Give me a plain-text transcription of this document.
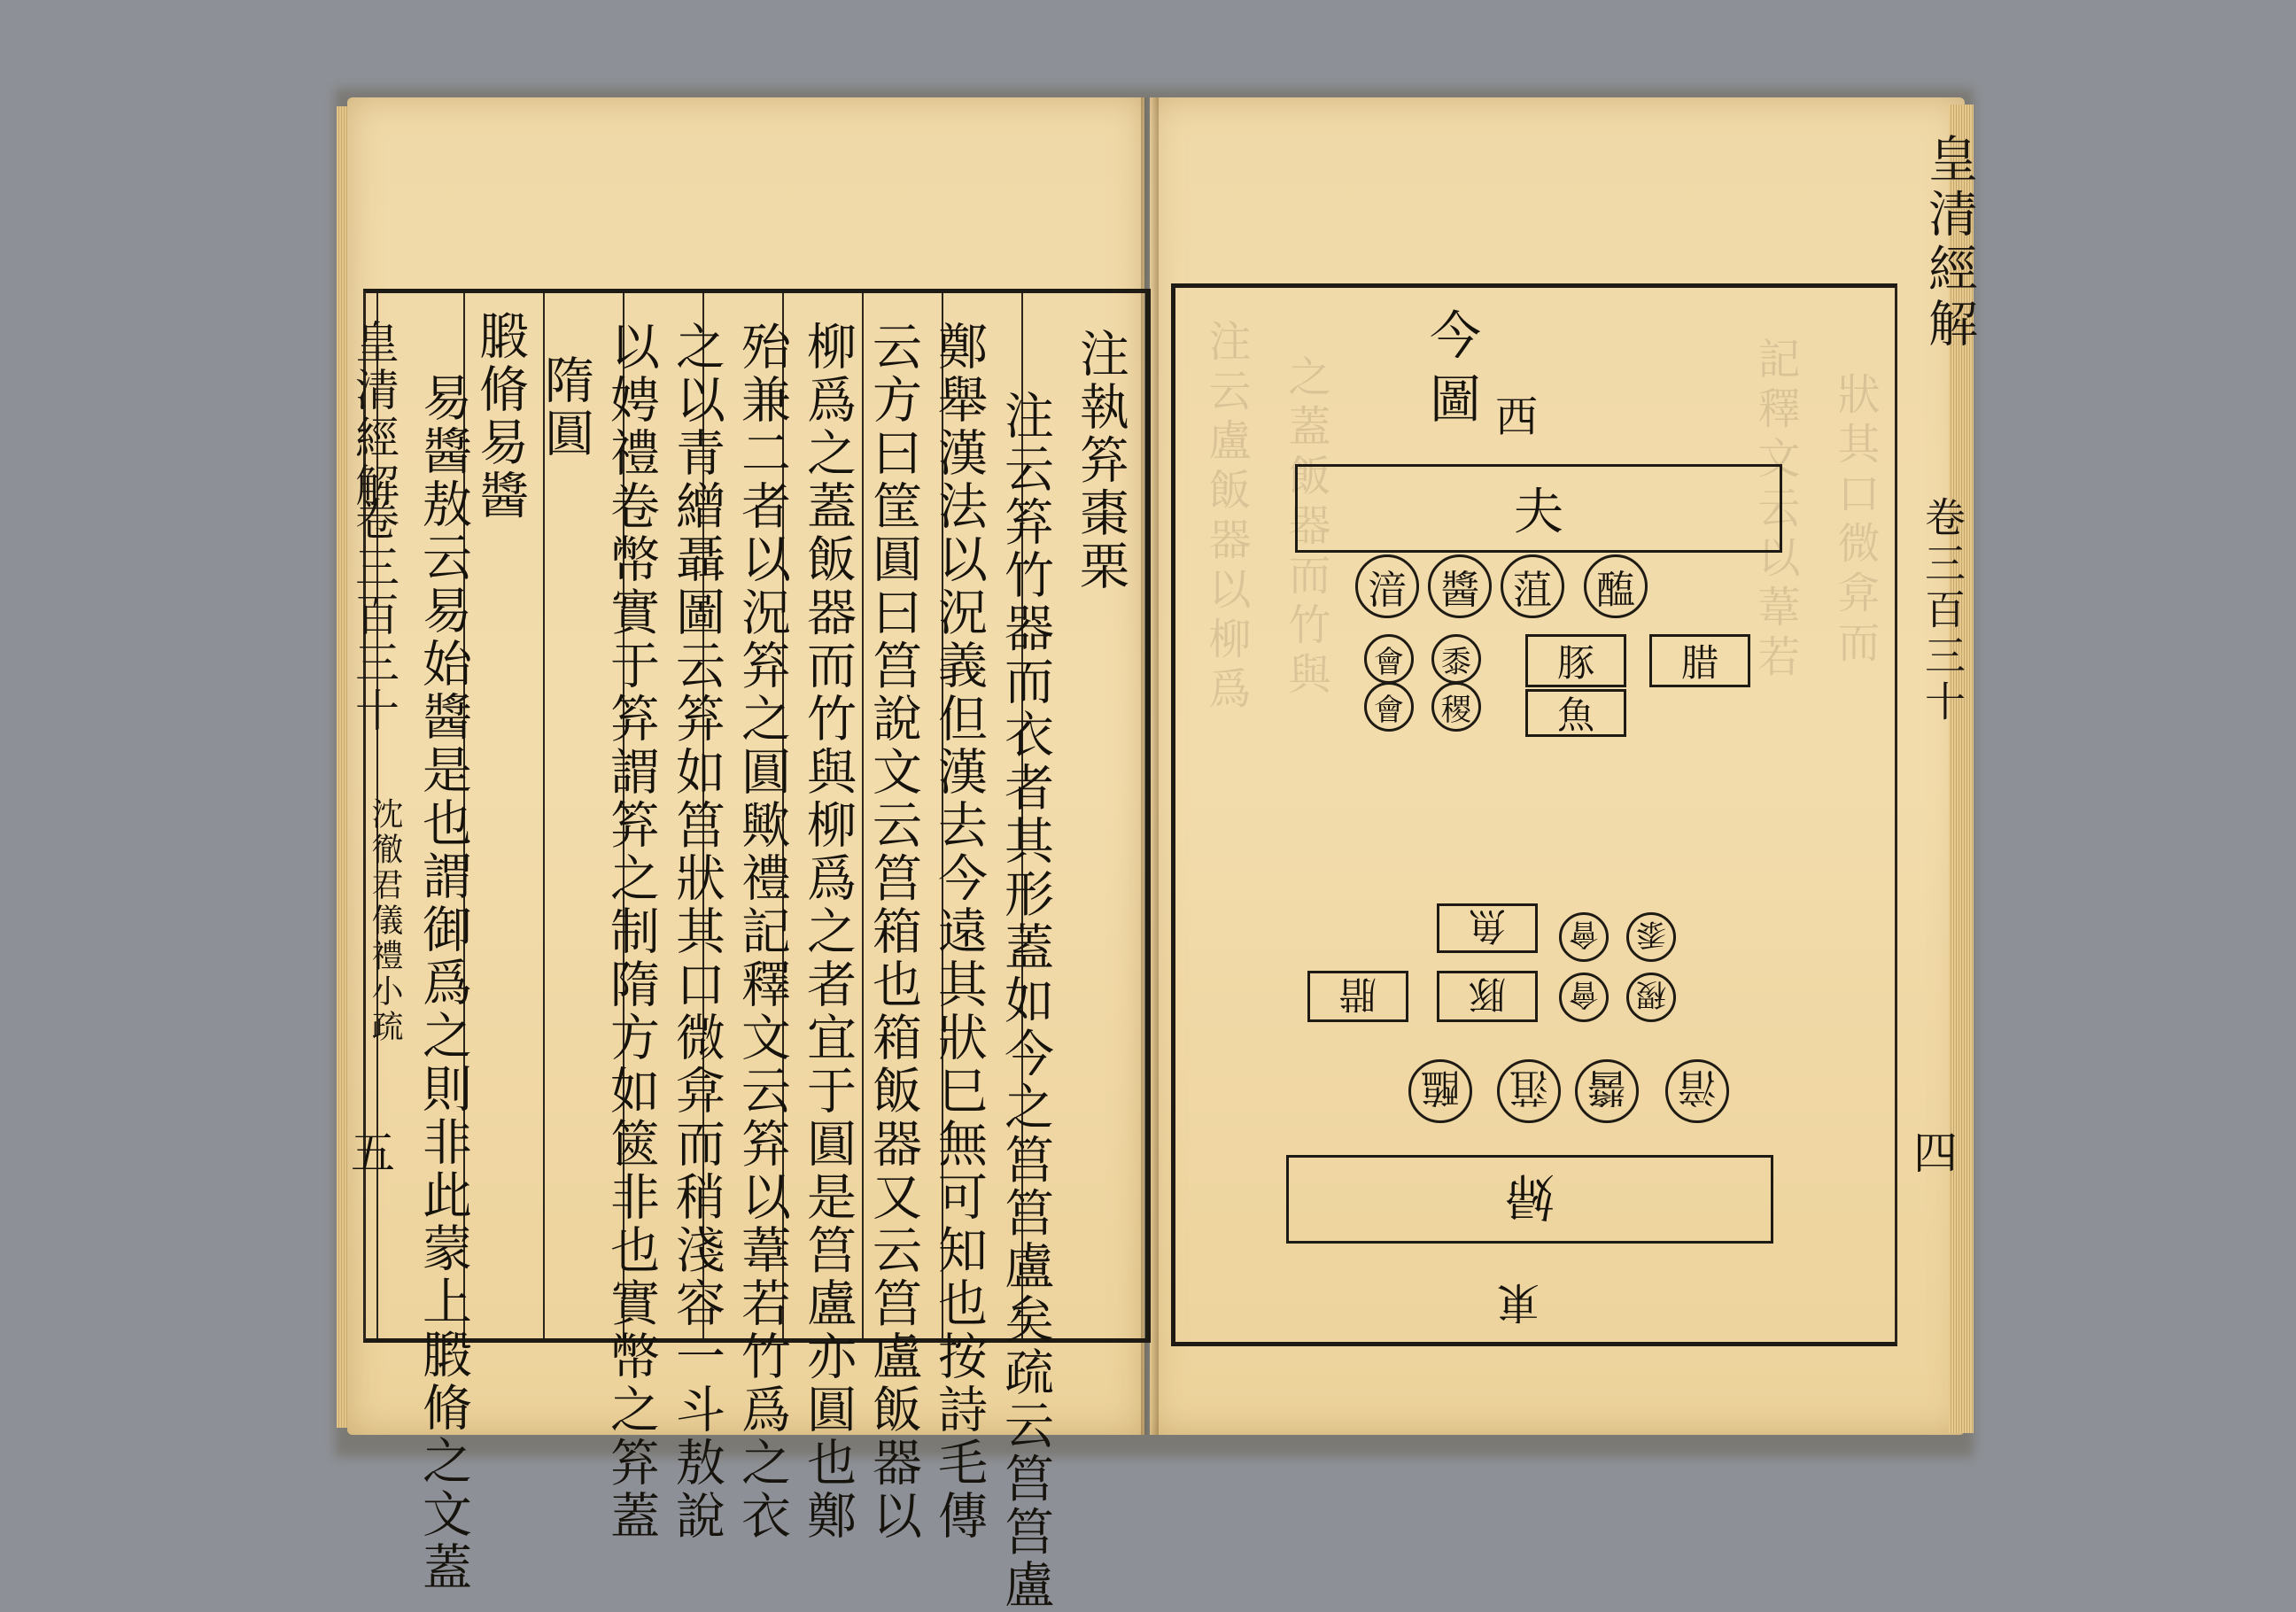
皇清經解
卷三百三十
沈徹君儀禮小疏
五
注執笲棗栗
注云笲竹器而衣者其形蓋如今之筥筥盧矣疏云筥筥盧
鄭舉漢法以況義但漢去今遠其狀巳無可知也按詩毛傳
云方曰筐圓曰筥說文云筥箱也箱飯器又云筥盧飯器以
柳爲之蓋飯器而竹與柳爲之者宜于圓是筥盧亦圓也鄭
殆兼二者以況笲之圓歟禮記釋文云笲以葦若竹爲之衣
之以青繒聶圖云笲如筥狀其口微弇而稍淺容一斗敖說
以娉禮卷幣實于笲謂笲之制隋方如篋非也實幣之笲蓋
隋圓
腶脩易醬
易醬敖云易始醬是也謂御爲之則非此蒙上腶脩之文蓋	注云盧飯器以柳爲 之蓋飯器而竹與	記釋文云以葦若 狀其口微弇而
皇清經解
卷三百三十
四
今圖 西
夫
湆 醬 菹 醢
會 黍
會 稷
豚 腊
魚
魚
豚
腊
會 黍
會 稷
醢 菹 醬 湆
婦
東
